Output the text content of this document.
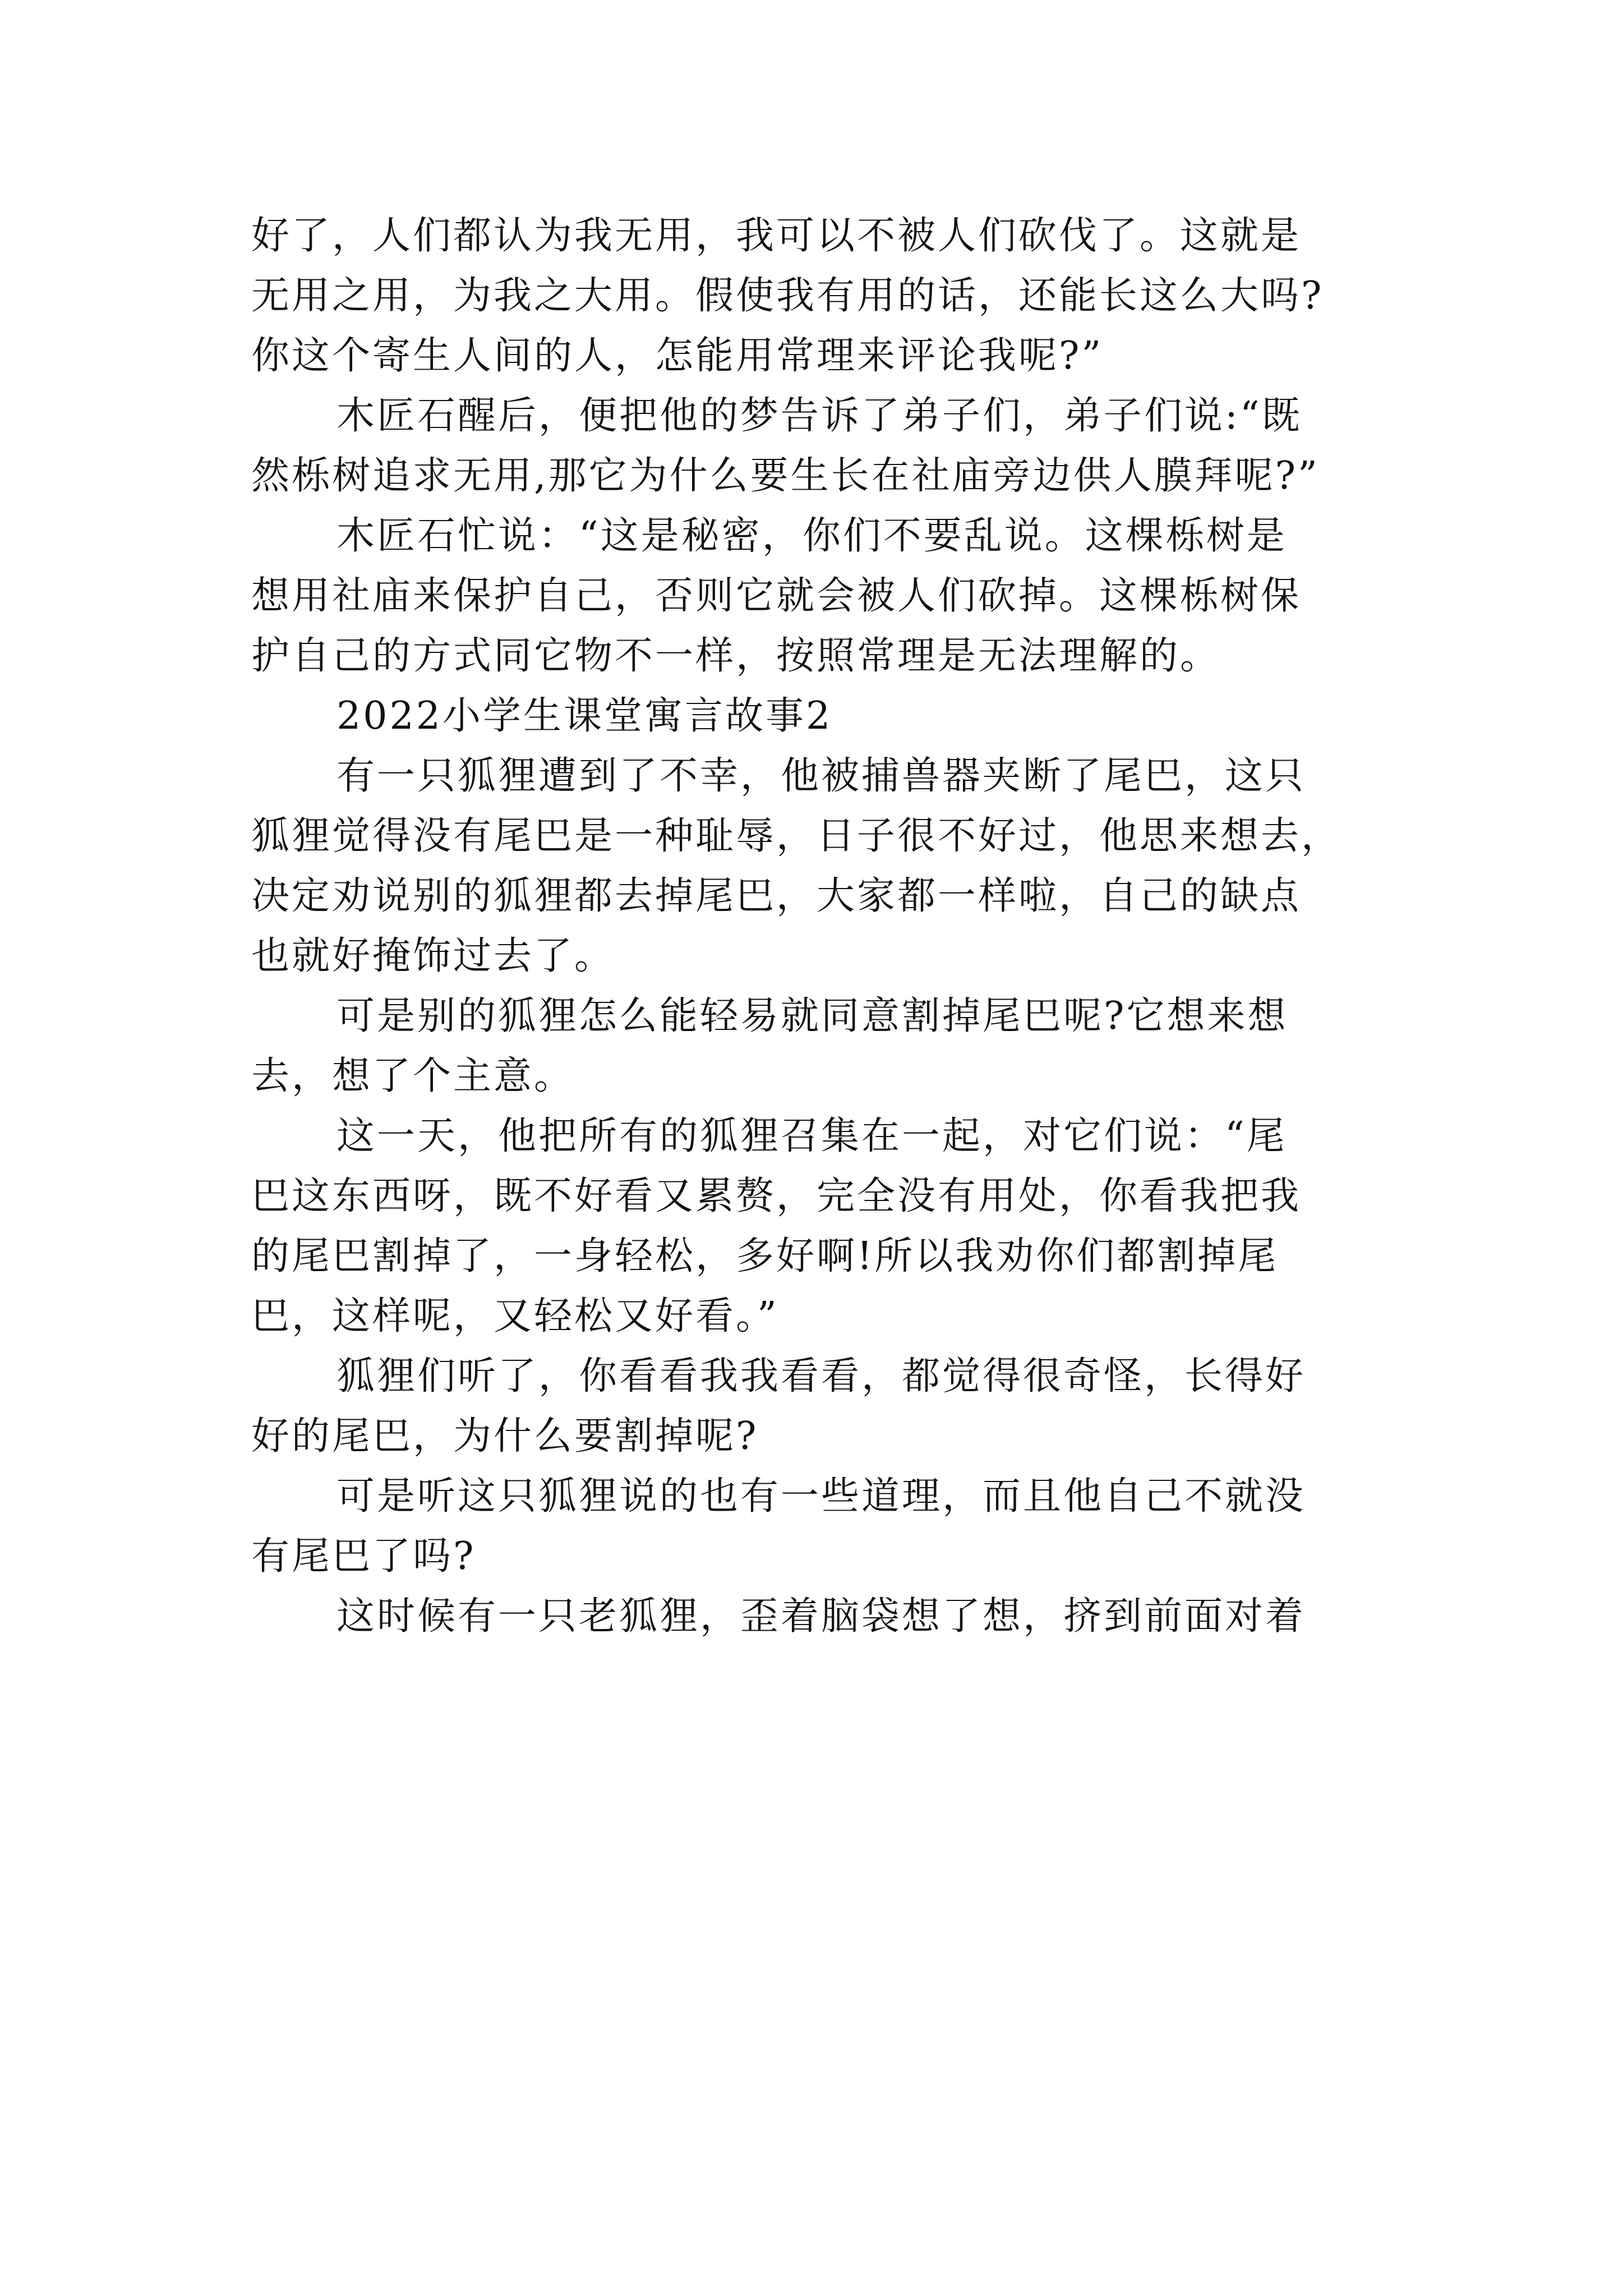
好了，人们都认为我无用，我可以不被人们砍伐了。这就是
无用之用，为我之大用。假使我有用的话，还能长这么大吗?
你这个寄生人间的人，怎能用常理来评论我呢?”
木匠石醒后，便把他的梦告诉了弟子们，弟子们说:“既
然栎树追求无用,那它为什么要生长在社庙旁边供人膜拜呢?”
木匠石忙说：“这是秘密，你们不要乱说。这棵栎树是
想用社庙来保护自己，否则它就会被人们砍掉。这棵栎树保
护自己的方式同它物不一样，按照常理是无法理解的。
2022小学生课堂寓言故事2
有一只狐狸遭到了不幸，他被捕兽器夹断了尾巴，这只
狐狸觉得没有尾巴是一种耻辱，日子很不好过，他思来想去，
决定劝说别的狐狸都去掉尾巴，大家都一样啦，自己的缺点
也就好掩饰过去了。
可是别的狐狸怎么能轻易就同意割掉尾巴呢?它想来想
去，想了个主意。
这一天，他把所有的狐狸召集在一起，对它们说：“尾
巴这东西呀，既不好看又累赘，完全没有用处，你看我把我
的尾巴割掉了，一身轻松，多好啊!所以我劝你们都割掉尾
巴，这样呢，又轻松又好看。”
狐狸们听了，你看看我我看看，都觉得很奇怪，长得好
好的尾巴，为什么要割掉呢?
可是听这只狐狸说的也有一些道理，而且他自己不就没
有尾巴了吗?
这时候有一只老狐狸，歪着脑袋想了想，挤到前面对着
